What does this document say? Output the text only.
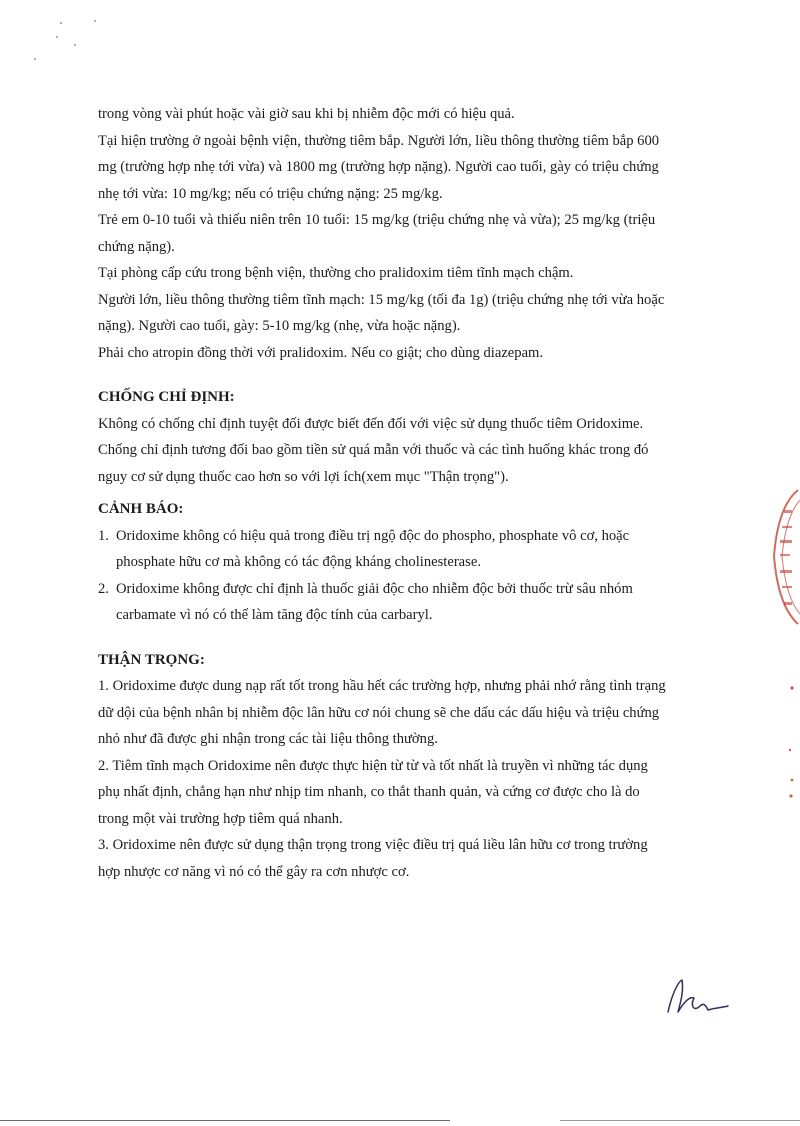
trong vòng vài phút hoặc vài giờ sau khi bị nhiễm độc mới có hiệu quả.

Tại hiện trường ở ngoài bệnh viện, thường tiêm bắp. Người lớn, liều thông thường tiêm bắp 600

mg (trường hợp nhẹ tới vừa) và 1800 mg (trường hợp nặng). Người cao tuổi, gày có triệu chứng

nhẹ tới vừa: 10 mg/kg; nếu có triệu chứng nặng: 25 mg/kg.

Trẻ em 0-10 tuổi và thiếu niên trên 10 tuổi: 15 mg/kg (triệu chứng nhẹ và vừa); 25 mg/kg (triệu

chứng nặng).

Tại phòng cấp cứu trong bệnh viện, thường cho pralidoxim tiêm tĩnh mạch chậm.

Người lớn, liều thông thường tiêm tĩnh mạch: 15 mg/kg (tối đa 1g) (triệu chứng nhẹ tới vừa hoặc

nặng). Người cao tuổi, gày: 5-10 mg/kg (nhẹ, vừa hoặc nặng).

Phải cho atropin đồng thời với pralidoxim. Nếu co giật; cho dùng diazepam.

CHỐNG CHỈ ĐỊNH:

Không có chống chỉ định tuyệt đối được biết đến đối với việc sử dụng thuốc tiêm Oridoxime.

Chống chỉ định tương đối bao gồm tiền sử quá mẫn với thuốc và các tình huống khác trong đó

nguy cơ sử dụng thuốc cao hơn so với lợi ích(xem mục "Thận trọng").

CẢNH BÁO:

1. Oridoxime không có hiệu quả trong điều trị ngộ độc do phospho, phosphate vô cơ, hoặc
phosphate hữu cơ mà không có tác động kháng cholinesterase.
2. Oridoxime không được chỉ định là thuốc giải độc cho nhiễm độc bởi thuốc trừ sâu nhóm
carbamate vì nó có thể làm tăng độc tính của carbaryl.

THẬN TRỌNG:

1. Oridoxime được dung nạp rất tốt trong hầu hết các trường hợp, nhưng phải nhớ rằng tình trạng

dữ dội của bệnh nhân bị nhiễm độc lân hữu cơ nói chung sẽ che dấu các dấu hiệu và triệu chứng

nhỏ như đã được ghi nhận trong các tài liệu thông thường.

2. Tiêm tĩnh mạch Oridoxime nên được thực hiện từ từ và tốt nhất là truyền vì những tác dụng

phụ nhất định, chẳng hạn như nhịp tim nhanh, co thắt thanh quản, và cứng cơ được cho là do

trong một vài trường hợp tiêm quá nhanh.

3. Oridoxime nên được sử dụng thận trọng trong việc điều trị quá liều lân hữu cơ trong trường

hợp nhược cơ năng vì nó có thể gây ra cơn nhược cơ.
